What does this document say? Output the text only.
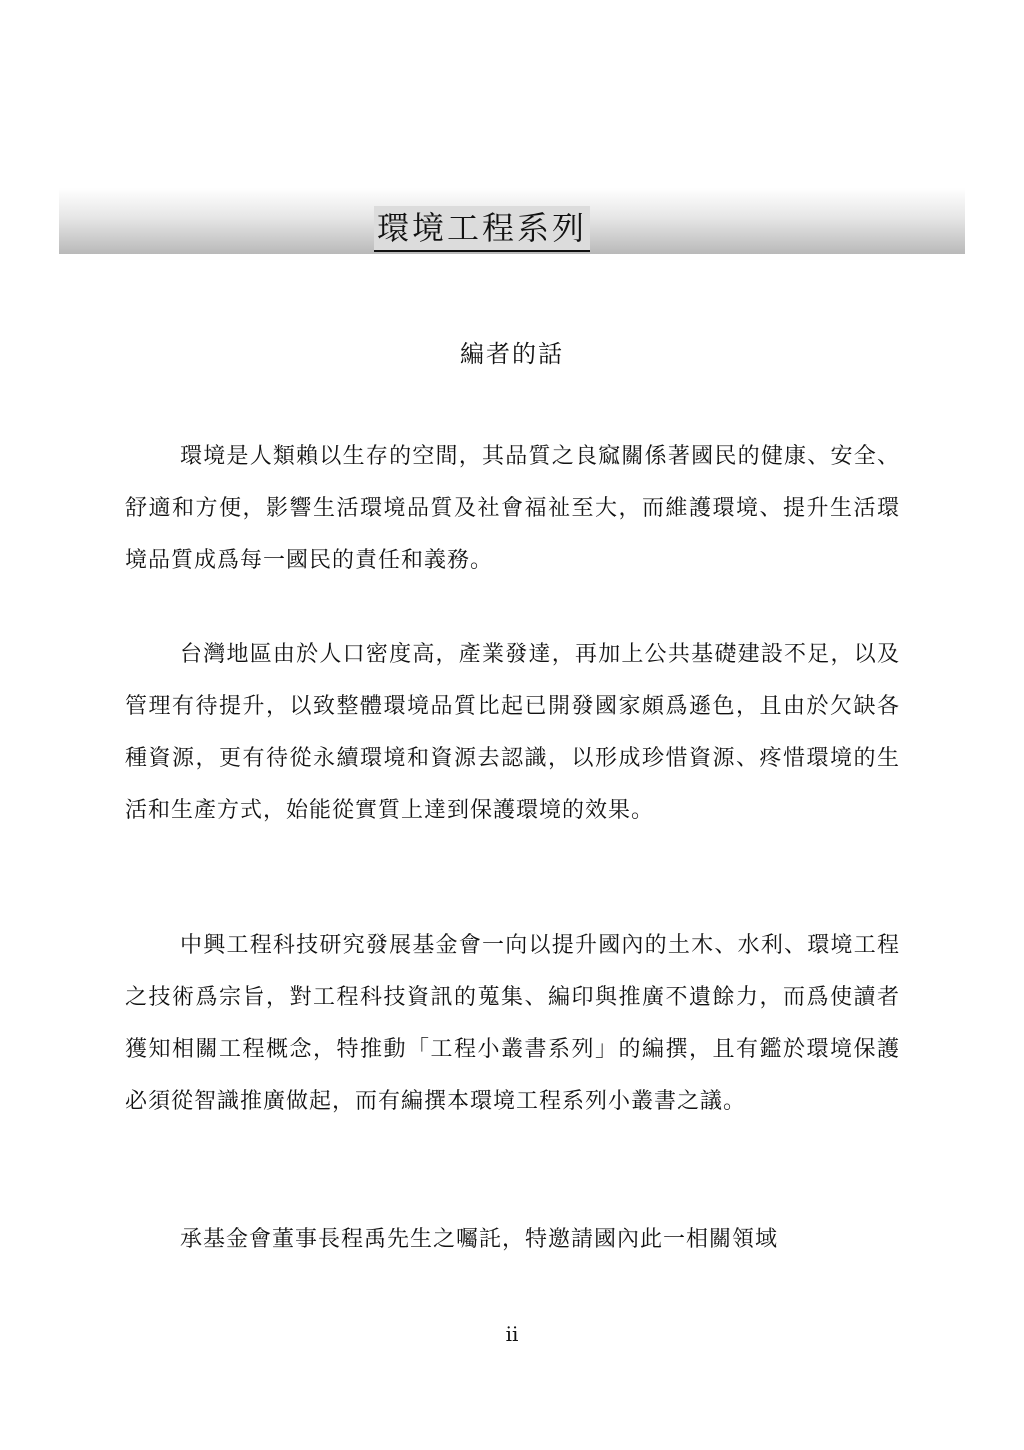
環境工程系列
編者的話

環境是人類賴以生存的空間，其品質之良窳關係著國民的健康、安全、舒適和方便，影響生活環境品質及社會福祉至大，而維護環境、提升生活環境品質成爲每一國民的責任和義務。

台灣地區由於人口密度高，產業發達，再加上公共基礎建設不足，以及管理有待提升，以致整體環境品質比起已開發國家頗爲遜色，且由於欠缺各種資源，更有待從永續環境和資源去認識，以形成珍惜資源、疼惜環境的生活和生產方式，始能從實質上達到保護環境的效果。

中興工程科技研究發展基金會一向以提升國內的土木、水利、環境工程之技術爲宗旨，對工程科技資訊的蒐集、編印與推廣不遺餘力，而爲使讀者獲知相關工程概念，特推動「工程小叢書系列」的編撰，且有鑑於環境保護必須從智識推廣做起，而有編撰本環境工程系列小叢書之議。

承基金會董事長程禹先生之囑託，特邀請國內此一相關領域

ii
